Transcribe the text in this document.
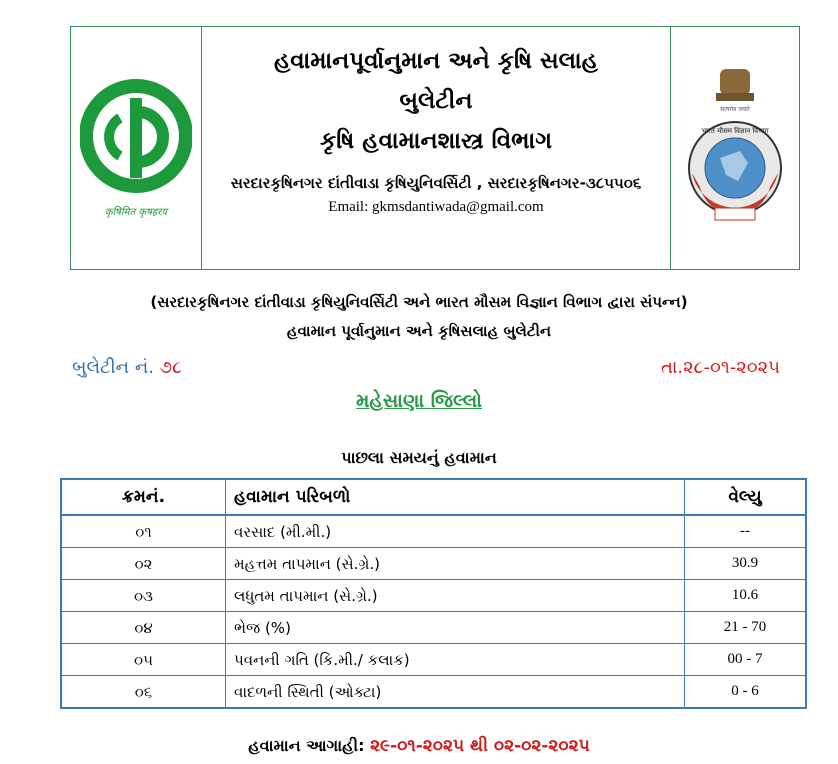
कृषिमित कृषहरय
હવામાનપૂર્વાનુમાન અને કૃષિ સલાહ
બુલેટીન
કૃષિ હવામાનશાસ્ત્ર વિભાગ
સરદારકૃષિનગર દાંતીવાડા કૃષિયુનિવર્સિટી , સરદારકૃષિનગર-૩૮૫૫૦૬
Email: gkmsdantiwada@gmail.com
सत्यमेव जयते
भारत मौसम विज्ञान विभाग
(સરદારકૃષિનગર દાંતીવાડા કૃષિયુનિવર્સિટી અને ભારત મૌસમ વિજ્ઞાન વિભાગ દ્વારા સંપન્ન)
હવામાન પૂર્વાનુમાન અને કૃષિસલાહ બુલેટીન
બુલેટીન નં. ૭૮	તા.૨૮-૦૧-૨૦૨૫
મહેસાણા જિલ્લો
પાછલા સમયનું હવામાન
ક્રમનં.	હવામાન પરિબળો	વેલ્યુ
૦૧	વરસાદ (મી.મી.)	--
૦૨	મહત્તમ તાપમાન (સે.ગ્રે.)	30.9
૦૩	લધુતમ તાપમાન (સે.ગ્રે.)	10.6
૦૪	ભેજ (%)	21 - 70
૦૫	પવનની ગતિ (કિ.મી./ કલાક)	00 - 7
૦૬	વાદળની સ્થિતી (ઓક્ટા)	0 - 6
હવામાન આગાહી: ૨૯-૦૧-૨૦૨૫ થી ૦૨-૦૨-૨૦૨૫
